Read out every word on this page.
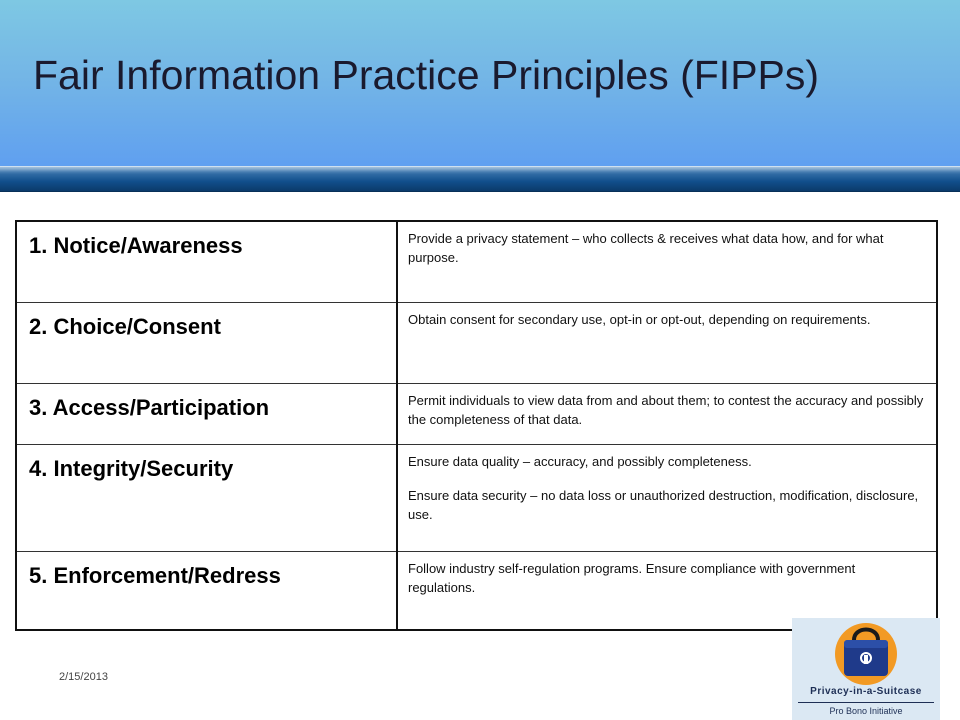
Fair Information Practice Principles (FIPPs)
1. Notice/Awareness	Provide a privacy statement – who collects & receives what data how, and for what purpose.

2. Choice/Consent	Obtain consent for secondary use, opt-in or opt-out, depending on requirements.

3. Access/Participation	Permit individuals to view data from and about them; to contest the accuracy and possibly the completeness of that data.

4. Integrity/Security	Ensure data quality – accuracy, and possibly completeness.
Ensure data security – no data loss or unauthorized destruction, modification, disclosure, use.

5. Enforcement/Redress	Follow industry self-regulation programs. Ensure compliance with government regulations.
2/15/2013
Privacy-in-a-Suitcase
Pro Bono Initiative
